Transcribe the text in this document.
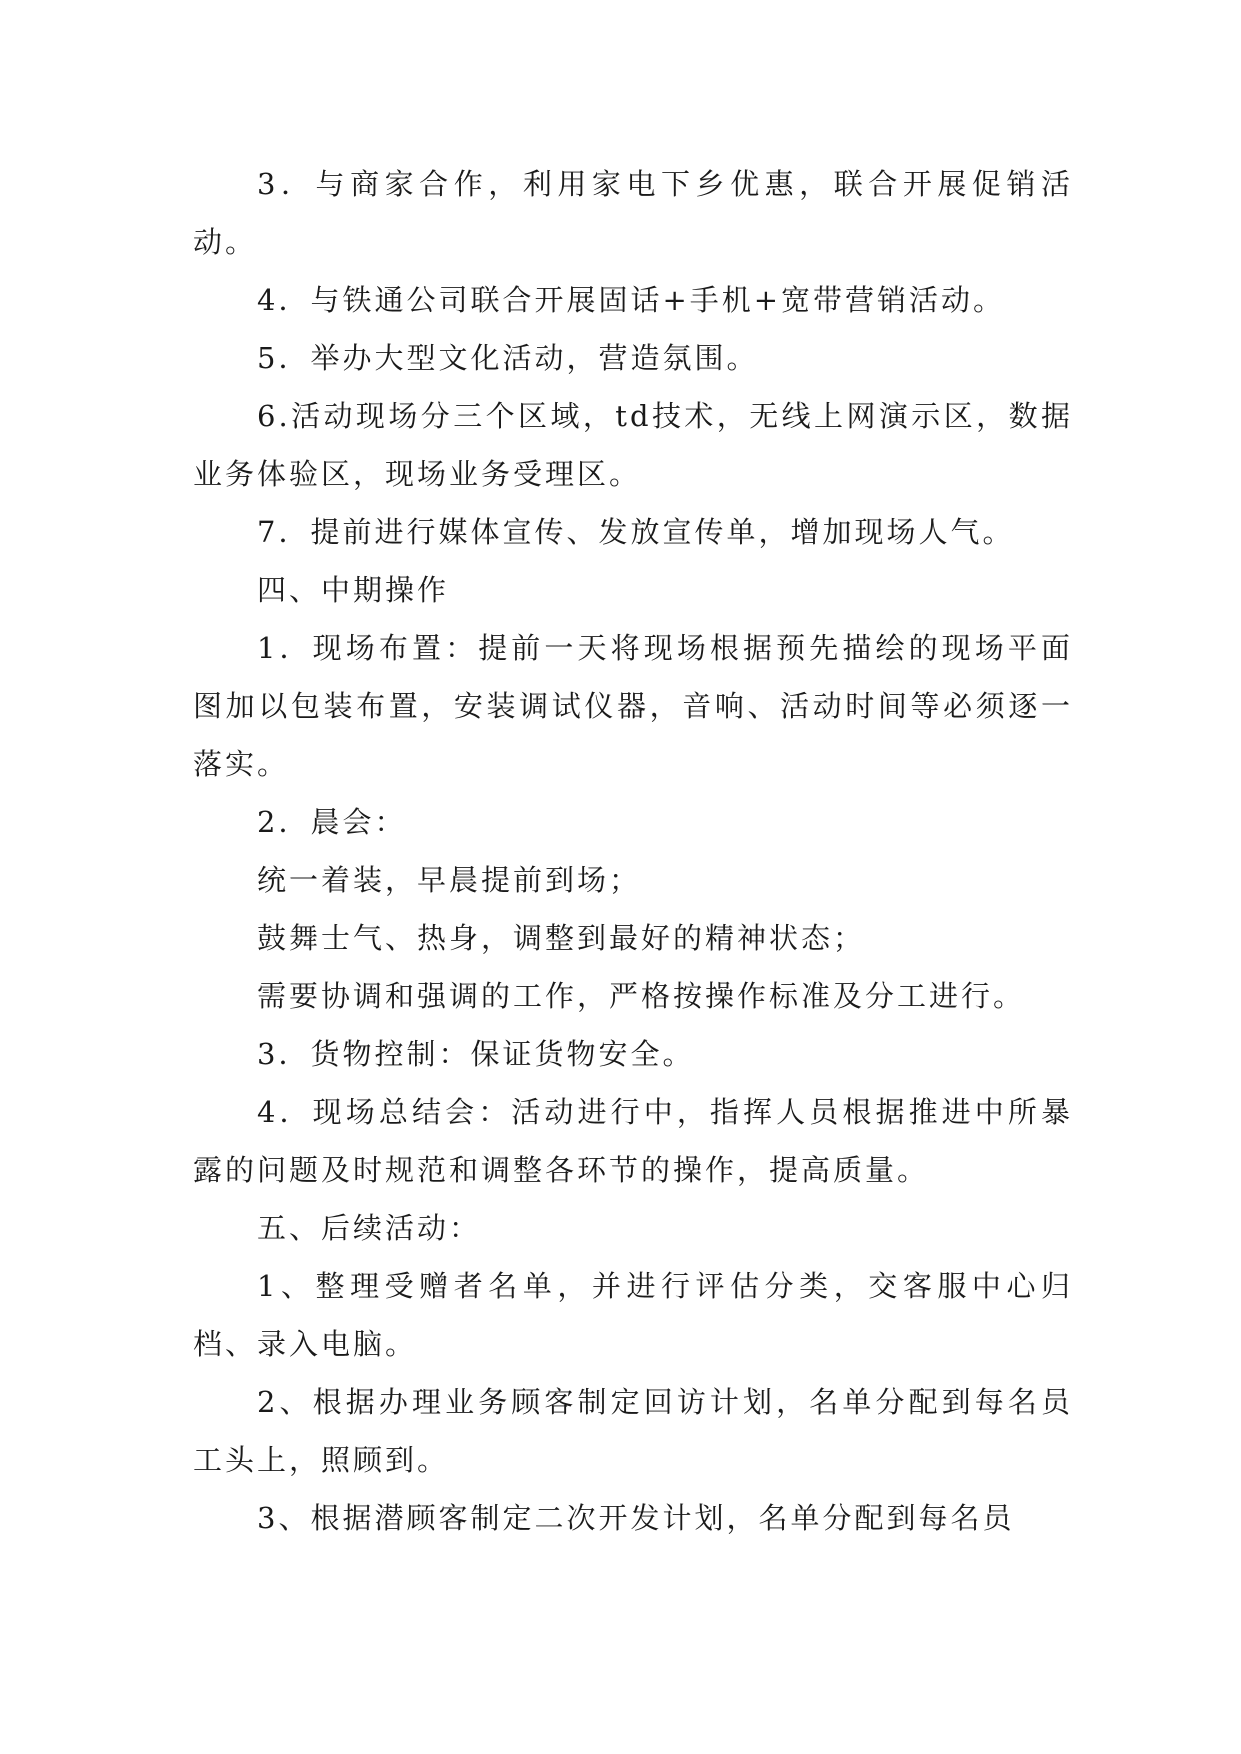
3．与商家合作，利用家电下乡优惠，联合开展促销活动。

4．与铁通公司联合开展固话+手机+宽带营销活动。

5．举办大型文化活动，营造氛围。

6.活动现场分三个区域，td技术，无线上网演示区，数据业务体验区，现场业务受理区。

7．提前进行媒体宣传、发放宣传单，增加现场人气。

四、中期操作

1．现场布置：提前一天将现场根据预先描绘的现场平面图加以包装布置，安装调试仪器，音响、活动时间等必须逐一落实。

2．晨会：

统一着装，早晨提前到场；

鼓舞士气、热身，调整到最好的精神状态；

需要协调和强调的工作，严格按操作标准及分工进行。

3．货物控制：保证货物安全。

4．现场总结会：活动进行中，指挥人员根据推进中所暴露的问题及时规范和调整各环节的操作，提高质量。

五、后续活动：

1、整理受赠者名单，并进行评估分类，交客服中心归档、录入电脑。

2、根据办理业务顾客制定回访计划，名单分配到每名员工头上，照顾到。

3、根据潜顾客制定二次开发计划，名单分配到每名员
